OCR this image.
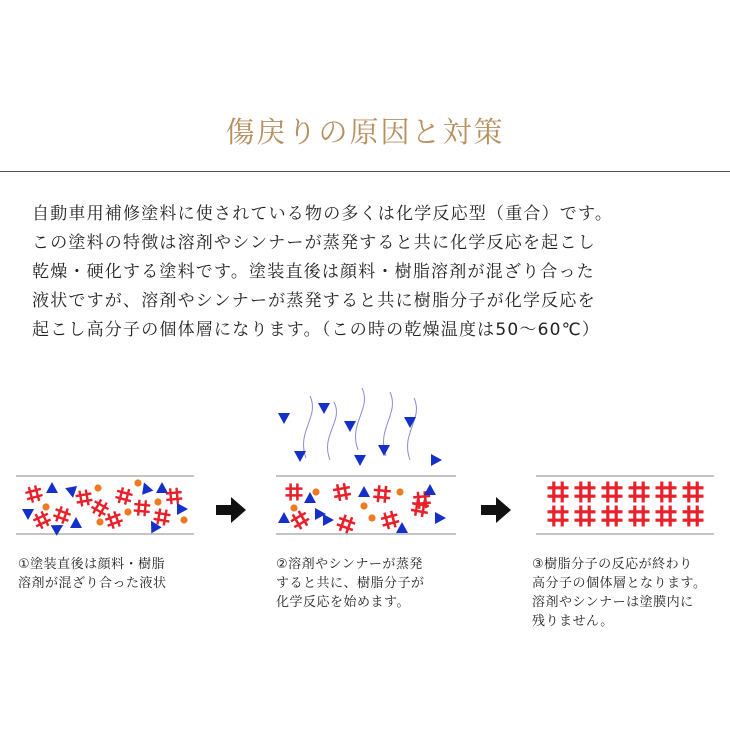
傷戻りの原因と対策
自動車用補修塗料に使されている物の多くは化学反応型（重合）です。
この塗料の特徴は溶剤やシンナーが蒸発すると共に化学反応を起こし
乾燥・硬化する塗料です。塗装直後は顔料・樹脂溶剤が混ざり合った
液状ですが、溶剤やシンナーが蒸発すると共に樹脂分子が化学反応を
起こし高分子の個体層になります。（この時の乾燥温度は50～60℃）
①塗装直後は顔料・樹脂
溶剤が混ざり合った液状
②溶剤やシンナーが蒸発
すると共に、樹脂分子が
化学反応を始めます。
③樹脂分子の反応が終わり
高分子の個体層となります。
溶剤やシンナーは塗膜内に
残りません。
